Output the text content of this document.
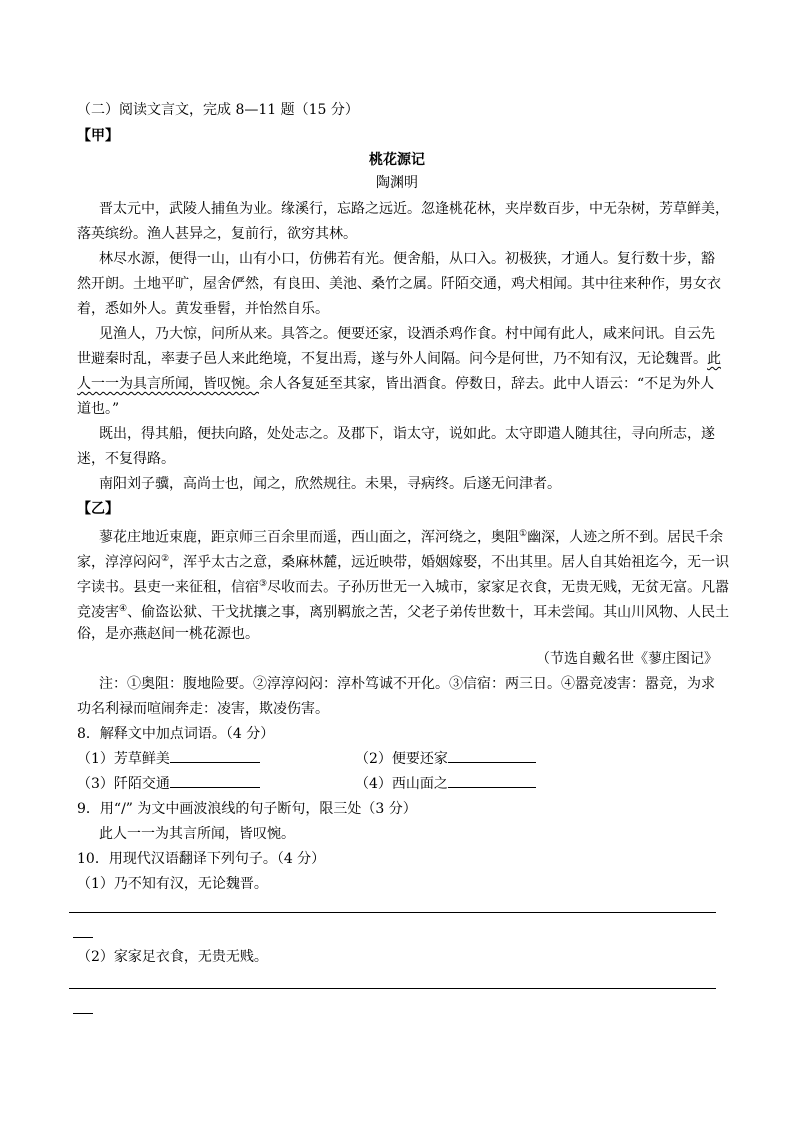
（二）阅读文言文，完成 8—11 题（15 分）
【甲】
桃花源记
陶渊明
晋太元中，武陵人捕鱼为业。缘溪行，忘路之远近。忽逢桃花林，夹岸数百步，中无杂树，芳草鲜美，
落英缤纷。渔人甚异之，复前行，欲穷其林。
林尽水源，便得一山，山有小口，仿佛若有光。便舍船，从口入。初极狭，才通人。复行数十步，豁
然开朗。土地平旷，屋舍俨然，有良田、美池、桑竹之属。阡陌交通，鸡犬相闻。其中往来种作，男女衣
着，悉如外人。黄发垂髫，并怡然自乐。
见渔人，乃大惊，问所从来。具答之。便要还家，设酒杀鸡作食。村中闻有此人，咸来问讯。自云先
世避秦时乱，率妻子邑人来此绝境，不复出焉，遂与外人间隔。问今是何世，乃不知有汉，无论魏晋。此
人一一为具言所闻，皆叹惋。余人各复延至其家，皆出酒食。停数日，辞去。此中人语云：“不足为外人
道也。”
既出，得其船，便扶向路，处处志之。及郡下，诣太守，说如此。太守即遣人随其往，寻向所志，遂
迷，不复得路。
南阳刘子骥，高尚士也，闻之，欣然规往。未果，寻病终。后遂无问津者。
【乙】
蓼花庄地近束鹿，距京师三百余里而遥，西山面之，浑河绕之，奥阻①幽深，人迹之所不到。居民千余
家，淳淳闷闷②，浑乎太古之意，桑麻林麓，远近映带，婚姻嫁娶，不出其里。居人自其始祖迄今，无一识
字读书。县吏一来征租，信宿③尽收而去。子孙历世无一入城市，家家足衣食，无贵无贱，无贫无富。凡嚣
竞凌害④、偷盗讼狱、干戈扰攘之事，离别羁旅之苦，父老子弟传世数十，耳未尝闻。其山川风物、人民土
俗，是亦燕赵间一桃花源也。
（节选自戴名世《蓼庄图记》
注：①奥阻：腹地险要。②淳淳闷闷：淳朴笃诚不开化。③信宿：两三日。④嚣竞凌害：嚣竞，为求
功名利禄而喧闹奔走：凌害，欺凌伤害。
8．解释文中加点词语。（4 分）
（1）芳草鲜美	（2）便要还家
（3）阡陌交通	（4）西山面之
9．用“/” 为文中画波浪线的句子断句，限三处（3 分）
此人一一为其言所闻，皆叹惋。
10．用现代汉语翻译下列句子。（4 分）
（1）乃不知有汉，无论魏晋。
（2）家家足衣食，无贵无贱。
